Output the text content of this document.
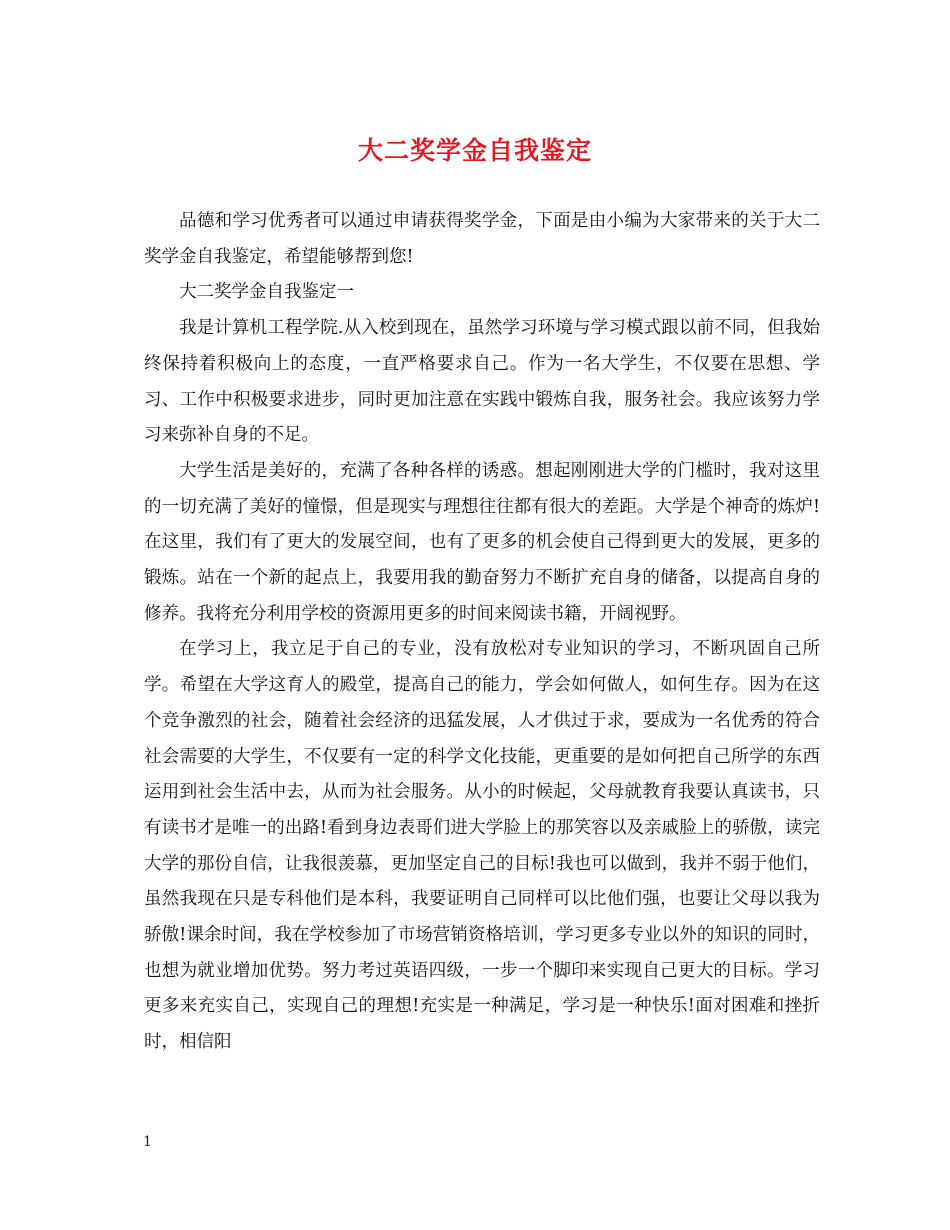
大二奖学金自我鉴定

品德和学习优秀者可以通过申请获得奖学金，下面是由小编为大家带来的关于大二奖学金自我鉴定，希望能够帮到您!

大二奖学金自我鉴定一

我是计算机工程学院.从入校到现在，虽然学习环境与学习模式跟以前不同，但我始终保持着积极向上的态度，一直严格要求自己。作为一名大学生，不仅要在思想、学习、工作中积极要求进步，同时更加注意在实践中锻炼自我，服务社会。我应该努力学习来弥补自身的不足。

大学生活是美好的，充满了各种各样的诱惑。想起刚刚进大学的门槛时，我对这里的一切充满了美好的憧憬，但是现实与理想往往都有很大的差距。大学是个神奇的炼炉!在这里，我们有了更大的发展空间，也有了更多的机会使自己得到更大的发展，更多的锻炼。站在一个新的起点上，我要用我的勤奋努力不断扩充自身的储备，以提高自身的修养。我将充分利用学校的资源用更多的时间来阅读书籍，开阔视野。

在学习上，我立足于自己的专业，没有放松对专业知识的学习，不断巩固自己所学。希望在大学这育人的殿堂，提高自己的能力，学会如何做人，如何生存。因为在这个竞争激烈的社会，随着社会经济的迅猛发展，人才供过于求，要成为一名优秀的符合社会需要的大学生，不仅要有一定的科学文化技能，更重要的是如何把自己所学的东西运用到社会生活中去，从而为社会服务。从小的时候起，父母就教育我要认真读书，只有读书才是唯一的出路!看到身边表哥们进大学脸上的那笑容以及亲戚脸上的骄傲，读完大学的那份自信，让我很羡慕，更加坚定自己的目标!我也可以做到，我并不弱于他们，虽然我现在只是专科他们是本科，我要证明自己同样可以比他们强，也要让父母以我为骄傲!课余时间，我在学校参加了市场营销资格培训，学习更多专业以外的知识的同时，也想为就业增加优势。努力考过英语四级，一步一个脚印来实现自己更大的目标。学习更多来充实自己，实现自己的理想!充实是一种满足，学习是一种快乐!面对困难和挫折时，相信阳

1
